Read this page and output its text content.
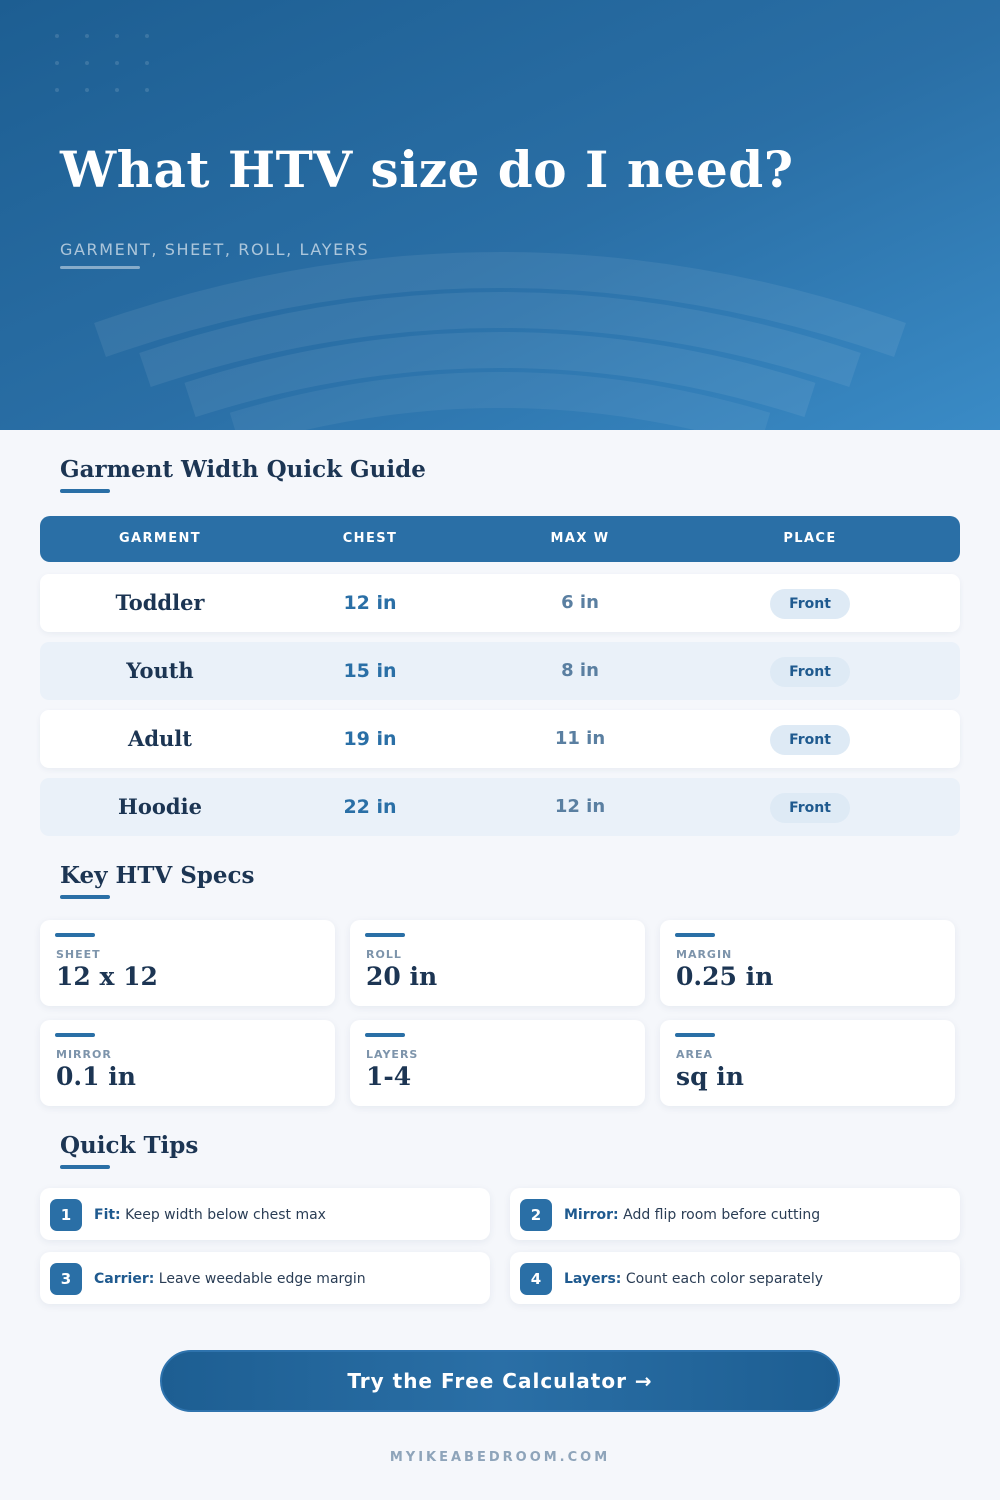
What HTV size do I need?
GARMENT, SHEET, ROLL, LAYERS
Garment Width Quick Guide
GARMENT	CHEST	MAX W	PLACE
Toddler	12 in	6 in	Front
Youth	15 in	8 in	Front
Adult	19 in	11 in	Front
Hoodie	22 in	12 in	Front
Key HTV Specs
SHEET
12 x 12
ROLL
20 in
MARGIN
0.25 in
MIRROR
0.1 in
LAYERS
1-4
AREA
sq in
Quick Tips
1	Fit: Keep width below chest max	2	Mirror: Add flip room before cutting
3	Carrier: Leave weedable edge margin	4	Layers: Count each color separately
Try the Free Calculator →
MYIKEABEDROOM.COM
